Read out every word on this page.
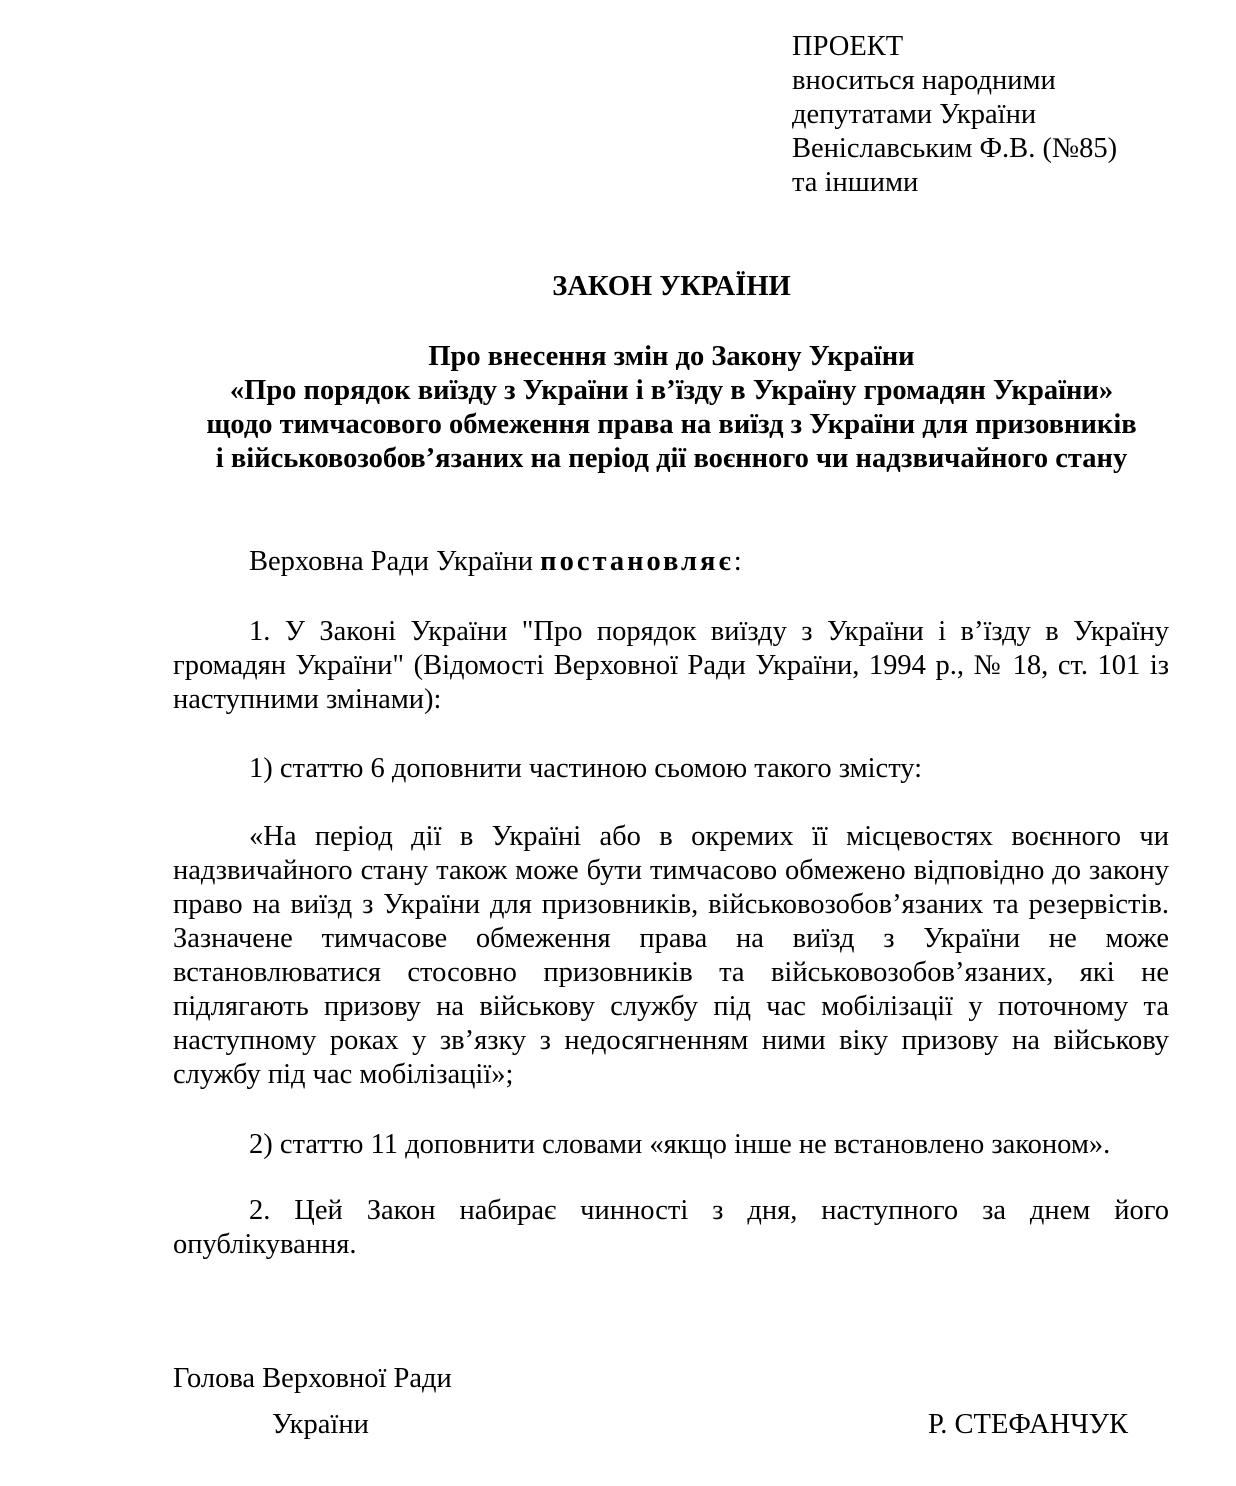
ПРОЕКТ
вноситься народними
депутатами України
Веніславським Ф.В. (№85)
та іншими
ЗАКОН УКРАЇНИ
Про внесення змін до Закону України
«Про порядок виїзду з України і в’їзду в Україну громадян України»
щодо тимчасового обмеження права на виїзд з України для призовників
і військовозобов’язаних на період дії воєнного чи надзвичайного стану
Верховна Ради України постановляє:
1. У Законі України "Про порядок виїзду з України і в’їзду в Україну громадян України" (Відомості Верховної Ради України, 1994 р., № 18, ст. 101 із наступними змінами):
1) статтю 6 доповнити частиною сьомою такого змісту:
«На період дії в Україні або в окремих її місцевостях воєнного чи надзвичайного стану також може бути тимчасово обмежено відповідно до закону право на виїзд з України для призовників, військовозобов’язаних та резервістів. Зазначене тимчасове обмеження права на виїзд з України не може встановлюватися стосовно призовників та військовозобов’язаних, які не підлягають призову на військову службу під час мобілізації у поточному та наступному роках у зв’язку з недосягненням ними віку призову на військову службу під час мобілізації»;
2) статтю 11 доповнити словами «якщо інше не встановлено законом».
2. Цей Закон набирає чинності з дня, наступного за днем його опублікування.
Голова Верховної Ради
України	Р. СТЕФАНЧУК
